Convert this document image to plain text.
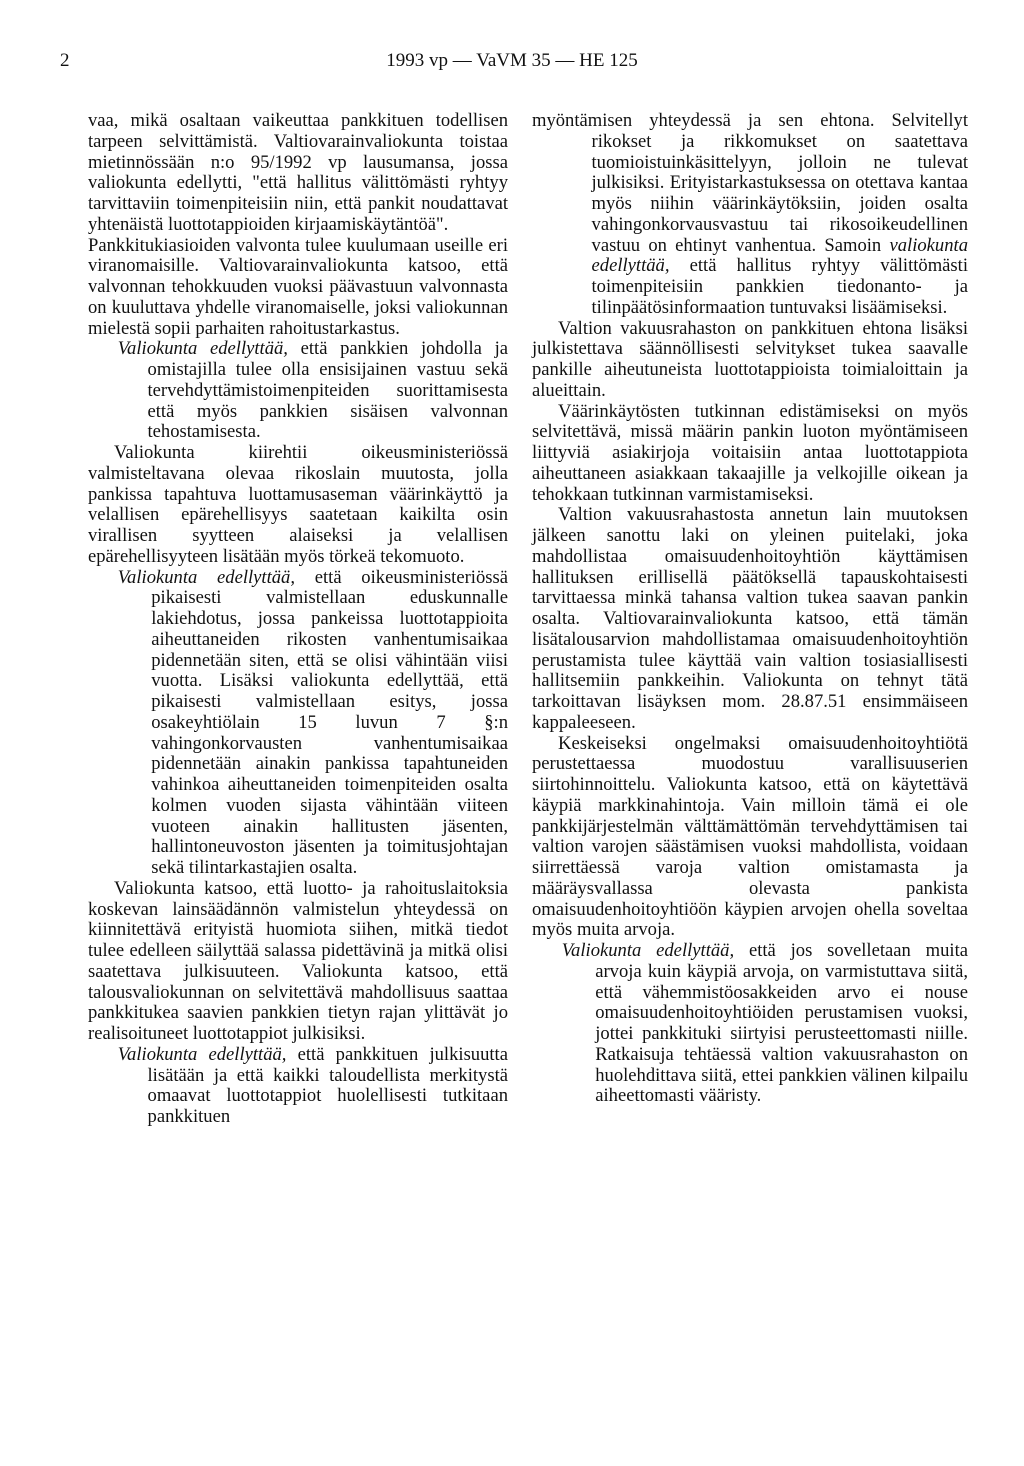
2	1993 vp — VaVM 35 — HE 125

vaa, mikä osaltaan vaikeuttaa pankkituen todellisen tarpeen selvittämistä. Valtiovarainvaliokunta toistaa mietinnössään n:o 95/1992 vp lausumansa, jossa valiokunta edellytti, "että hallitus välittömästi ryhtyy tarvittaviin toimenpiteisiin niin, että pankit noudattavat yhtenäistä luottotappioiden kirjaamiskäytäntöä".

Pankkitukiasioiden valvonta tulee kuulumaan useille eri viranomaisille. Valtiovarainvaliokunta katsoo, että valvonnan tehokkuuden vuoksi päävastuun valvonnasta on kuuluttava yhdelle viranomaiselle, joksi valiokunnan mielestä sopii parhaiten rahoitustarkastus.

Valiokunta edellyttää, että pankkien johdolla ja omistajilla tulee olla ensisijainen vastuu sekä tervehdyttämistoimenpiteiden suorittamisesta että myös pankkien sisäisen valvonnan tehostamisesta.

Valiokunta kiirehtii oikeusministeriössä valmisteltavana olevaa rikoslain muutosta, jolla pankissa tapahtuva luottamusaseman väärinkäyttö ja velallisen epärehellisyys saatetaan kaikilta osin virallisen syytteen alaiseksi ja velallisen epärehellisyyteen lisätään myös törkeä tekomuoto.

Valiokunta edellyttää, että oikeusministeriössä pikaisesti valmistellaan eduskunnalle lakiehdotus, jossa pankeissa luottotappioita aiheuttaneiden rikosten vanhentumisaikaa pidennetään siten, että se olisi vähintään viisi vuotta. Lisäksi valiokunta edellyttää, että pikaisesti valmistellaan esitys, jossa osakeyhtiölain 15 luvun 7 §:n vahingonkorvausten vanhentumisaikaa pidennetään ainakin pankissa tapahtuneiden vahinkoa aiheuttaneiden toimenpiteiden osalta kolmen vuoden sijasta vähintään viiteen vuoteen ainakin hallitusten jäsenten, hallintoneuvoston jäsenten ja toimitusjohtajan sekä tilintarkastajien osalta.

Valiokunta katsoo, että luotto- ja rahoituslaitoksia koskevan lainsäädännön valmistelun yhteydessä on kiinnitettävä erityistä huomiota siihen, mitkä tiedot tulee edelleen säilyttää salassa pidettävinä ja mitkä olisi saatettava julkisuuteen. Valiokunta katsoo, että talousvaliokunnan on selvitettävä mahdollisuus saattaa pankkitukea saavien pankkien tietyn rajan ylittävät jo realisoituneet luottotappiot julkisiksi.

Valiokunta edellyttää, että pankkituen julkisuutta lisätään ja että kaikki taloudellista merkitystä omaavat luottotappiot huolellisesti tutkitaan pankkituen

myöntämisen yhteydessä ja sen ehtona. Selvitellyt rikokset ja rikkomukset on saatettava tuomioistuinkäsittelyyn, jolloin ne tulevat julkisiksi. Erityistarkastuksessa on otettava kantaa myös niihin väärinkäytöksiin, joiden osalta vahingonkorvausvastuu tai rikosoikeudellinen vastuu on ehtinyt vanhentua. Samoin valiokunta edellyttää, että hallitus ryhtyy välittömästi toimenpiteisiin pankkien tiedonanto- ja tilinpäätösinformaation tuntuvaksi lisäämiseksi.

Valtion vakuusrahaston on pankkituen ehtona lisäksi julkistettava säännöllisesti selvitykset tukea saavalle pankille aiheutuneista luottotappioista toimialoittain ja alueittain.

Väärinkäytösten tutkinnan edistämiseksi on myös selvitettävä, missä määrin pankin luoton myöntämiseen liittyviä asiakirjoja voitaisiin antaa luottotappiota aiheuttaneen asiakkaan takaajille ja velkojille oikean ja tehokkaan tutkinnan varmistamiseksi.

Valtion vakuusrahastosta annetun lain muutoksen jälkeen sanottu laki on yleinen puitelaki, joka mahdollistaa omaisuudenhoitoyhtiön käyttämisen hallituksen erillisellä päätöksellä tapauskohtaisesti tarvittaessa minkä tahansa valtion tukea saavan pankin osalta. Valtiovarainvaliokunta katsoo, että tämän lisätalousarvion mahdollistamaa omaisuudenhoitoyhtiön perustamista tulee käyttää vain valtion tosiasiallisesti hallitsemiin pankkeihin. Valiokunta on tehnyt tätä tarkoittavan lisäyksen mom. 28.87.51 ensimmäiseen kappaleeseen.

Keskeiseksi ongelmaksi omaisuudenhoitoyhtiötä perustettaessa muodostuu varallisuuserien siirtohinnoittelu. Valiokunta katsoo, että on käytettävä käypiä markkinahintoja. Vain milloin tämä ei ole pankkijärjestelmän välttämättömän tervehdyttämisen tai valtion varojen säästämisen vuoksi mahdollista, voidaan siirrettäessä varoja valtion omistamasta ja määräysvallassa olevasta pankista omaisuudenhoitoyhtiöön käypien arvojen ohella soveltaa myös muita arvoja.

Valiokunta edellyttää, että jos sovelletaan muita arvoja kuin käypiä arvoja, on varmistuttava siitä, että vähemmistöosakkeiden arvo ei nouse omaisuudenhoitoyhtiöiden perustamisen vuoksi, jottei pankkituki siirtyisi perusteettomasti niille. Ratkaisuja tehtäessä valtion vakuusrahaston on huolehdittava siitä, ettei pankkien välinen kilpailu aiheettomasti vääristy.
